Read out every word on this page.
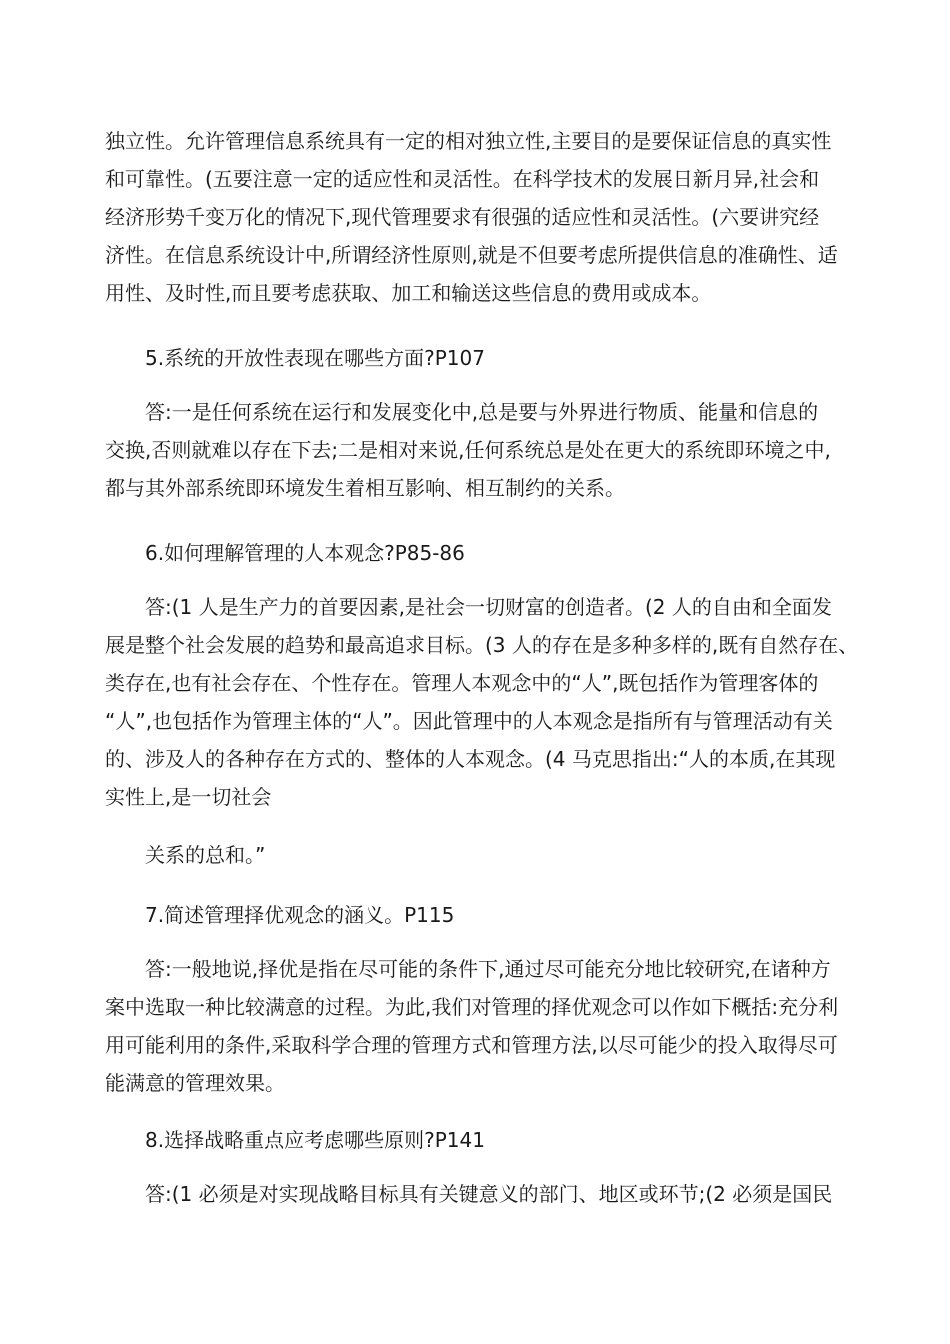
独立性。允许管理信息系统具有一定的相对独立性,主要目的是要保证信息的真实性
和可靠性。(五要注意一定的适应性和灵活性。在科学技术的发展日新月异,社会和
经济形势千变万化的情况下,现代管理要求有很强的适应性和灵活性。(六要讲究经
济性。在信息系统设计中,所谓经济性原则,就是不但要考虑所提供信息的准确性、适
用性、及时性,而且要考虑获取、加工和输送这些信息的费用或成本。
5.系统的开放性表现在哪些方面?P107
答:一是任何系统在运行和发展变化中,总是要与外界进行物质、能量和信息的
交换,否则就难以存在下去;二是相对来说,任何系统总是处在更大的系统即环境之中,
都与其外部系统即环境发生着相互影响、相互制约的关系。
6.如何理解管理的人本观念?P85-86
答:(1 人是生产力的首要因素,是社会一切财富的创造者。(2 人的自由和全面发
展是整个社会发展的趋势和最高追求目标。(3 人的存在是多种多样的,既有自然存在、
类存在,也有社会存在、个性存在。管理人本观念中的“人”,既包括作为管理客体的
“人”,也包括作为管理主体的“人”。因此管理中的人本观念是指所有与管理活动有关
的、涉及人的各种存在方式的、整体的人本观念。(4 马克思指出:“人的本质,在其现
实性上,是一切社会
关系的总和。”
7.简述管理择优观念的涵义。P115
答:一般地说,择优是指在尽可能的条件下,通过尽可能充分地比较研究,在诸种方
案中选取一种比较满意的过程。为此,我们对管理的择优观念可以作如下概括:充分利
用可能利用的条件,采取科学合理的管理方式和管理方法,以尽可能少的投入取得尽可
能满意的管理效果。
8.选择战略重点应考虑哪些原则?P141
答:(1 必须是对实现战略目标具有关键意义的部门、地区或环节;(2 必须是国民
